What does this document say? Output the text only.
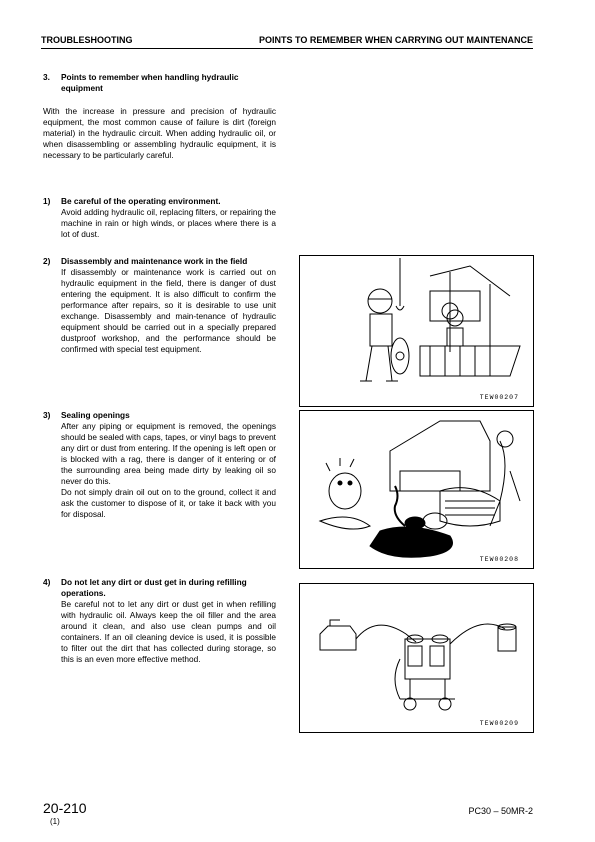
TROUBLESHOOTING	POINTS TO REMEMBER WHEN CARRYING OUT MAINTENANCE
3.	Points to remember when handling hydraulic equipment

With the increase in pressure and precision of hydraulic equipment, the most common cause of failure is dirt (foreign material) in the hydraulic circuit. When adding hydraulic oil, or when disassembling or assembling hydraulic equipment, it is necessary to be particularly careful.

1)	Be careful of the operating environment.
Avoid adding hydraulic oil, replacing filters, or repairing the machine in rain or high winds, or places where there is a lot of dust.
2)	Disassembly and maintenance work in the field
If disassembly or maintenance work is carried out on hydraulic equipment in the field, there is danger of dust entering the equipment. It is also difficult to confirm the performance after repairs, so it is desirable to use unit exchange. Disassembly and main-tenance of hydraulic equipment should be carried out in a specially prepared dustproof workshop, and the performance should be confirmed with special test equipment.
3)	Sealing openings
After any piping or equipment is removed, the openings should be sealed with caps, tapes, or vinyl bags to prevent any dirt or dust from entering. If the opening is left open or is blocked with a rag, there is danger of it entering or of the surrounding area being made dirty by leaking oil so never do this.
Do not simply drain oil out on to the ground, collect it and ask the customer to dispose of it, or take it back with you for disposal.
4)	Do not let any dirt or dust get in during refilling operations.
Be careful not to let any dirt or dust get in when refilling with hydraulic oil. Always keep the oil filler and the area around it clean, and also use clean pumps and oil containers. If an oil cleaning device is used, it is possible to filter out the dirt that has collected during storage, so this is an even more effective method.
TEW00207
TEW00208
TEW00209
20-210
(1)
PC30 – 50MR-2
